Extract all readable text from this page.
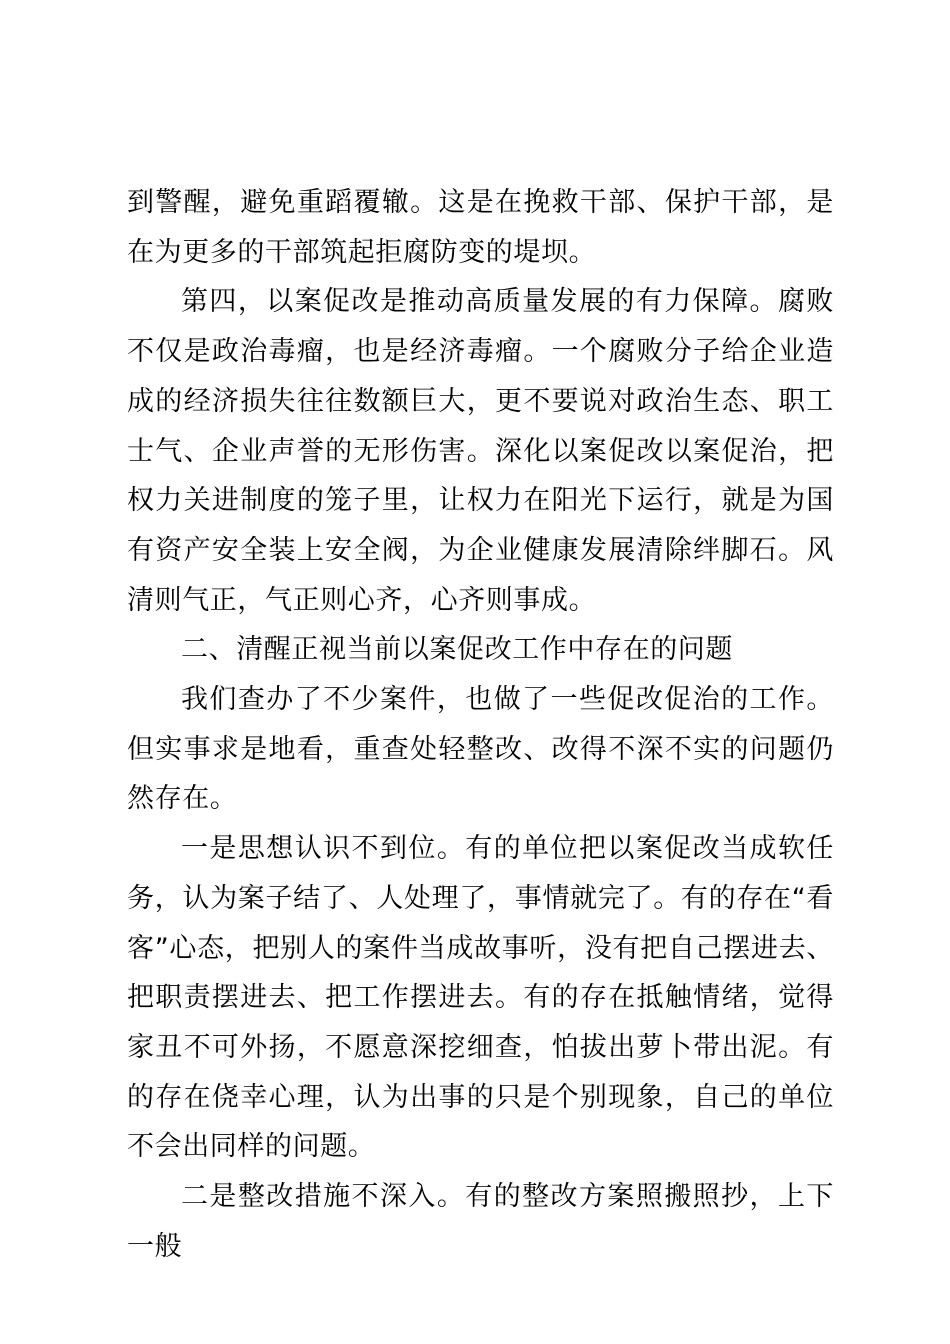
到警醒，避免重蹈覆辙。这是在挽救干部、保护干部，是在为更多的干部筑起拒腐防变的堤坝。

第四，以案促改是推动高质量发展的有力保障。腐败不仅是政治毒瘤，也是经济毒瘤。一个腐败分子给企业造成的经济损失往往数额巨大，更不要说对政治生态、职工士气、企业声誉的无形伤害。深化以案促改以案促治，把权力关进制度的笼子里，让权力在阳光下运行，就是为国有资产安全装上安全阀，为企业健康发展清除绊脚石。风清则气正，气正则心齐，心齐则事成。

二、清醒正视当前以案促改工作中存在的问题

我们查办了不少案件，也做了一些促改促治的工作。但实事求是地看，重查处轻整改、改得不深不实的问题仍然存在。

一是思想认识不到位。有的单位把以案促改当成软任务，认为案子结了、人处理了，事情就完了。有的存在“看客”心态，把别人的案件当成故事听，没有把自己摆进去、把职责摆进去、把工作摆进去。有的存在抵触情绪，觉得家丑不可外扬，不愿意深挖细查，怕拔出萝卜带出泥。有的存在侥幸心理，认为出事的只是个别现象，自己的单位不会出同样的问题。

二是整改措施不深入。有的整改方案照搬照抄，上下一般
